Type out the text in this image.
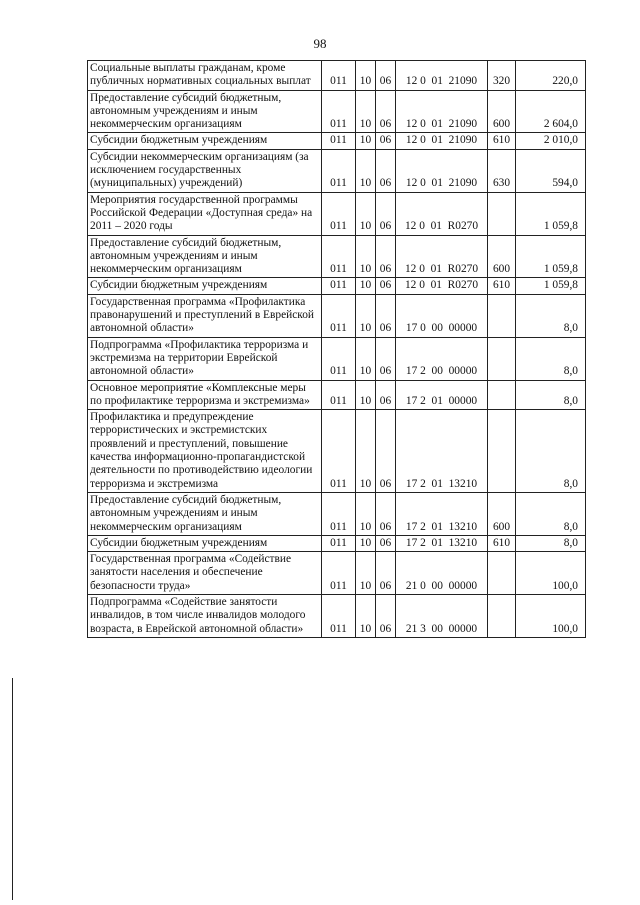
98
Социальные выплаты гражданам, кроме публичных нормативных социальных выплат	011	10	06	12 0  01  21090	320	220,0
Предоставление субсидий бюджетным, автономным учреждениям и иным некоммерческим организациям	011	10	06	12 0  01  21090	600	2 604,0
Субсидии бюджетным учреждениям	011	10	06	12 0  01  21090	610	2 010,0
Субсидии некоммерческим организациям (за исключением государственных (муниципальных) учреждений)	011	10	06	12 0  01  21090	630	594,0
Мероприятия государственной программы Российской Федерации «Доступная среда» на 2011 – 2020 годы	011	10	06	12 0  01  R0270		1 059,8
Предоставление субсидий бюджетным, автономным учреждениям и иным некоммерческим организациям	011	10	06	12 0  01  R0270	600	1 059,8
Субсидии бюджетным учреждениям	011	10	06	12 0  01  R0270	610	1 059,8
Государственная программа «Профилактика правонарушений и преступлений в Еврейской автономной области»	011	10	06	17 0  00  00000		8,0
Подпрограмма «Профилактика терроризма и экстремизма на территории Еврейской автономной области»	011	10	06	17 2  00  00000		8,0
Основное мероприятие «Комплексные меры по профилактике терроризма и экстремизма»	011	10	06	17 2  01  00000		8,0
Профилактика и предупреждение террористических и экстремистских проявлений и преступлений, повышение качества информационно-пропагандистской деятельности по противодействию идеологии терроризма и экстремизма	011	10	06	17 2  01  13210		8,0
Предоставление субсидий бюджетным, автономным учреждениям и иным некоммерческим организациям	011	10	06	17 2  01  13210	600	8,0
Субсидии бюджетным учреждениям	011	10	06	17 2  01  13210	610	8,0
Государственная программа «Содействие занятости населения и обеспечение безопасности труда»	011	10	06	21 0  00  00000		100,0
Подпрограмма «Содействие занятости инвалидов, в том числе инвалидов молодого возраста, в Еврейской автономной области»	011	10	06	21 3  00  00000		100,0
